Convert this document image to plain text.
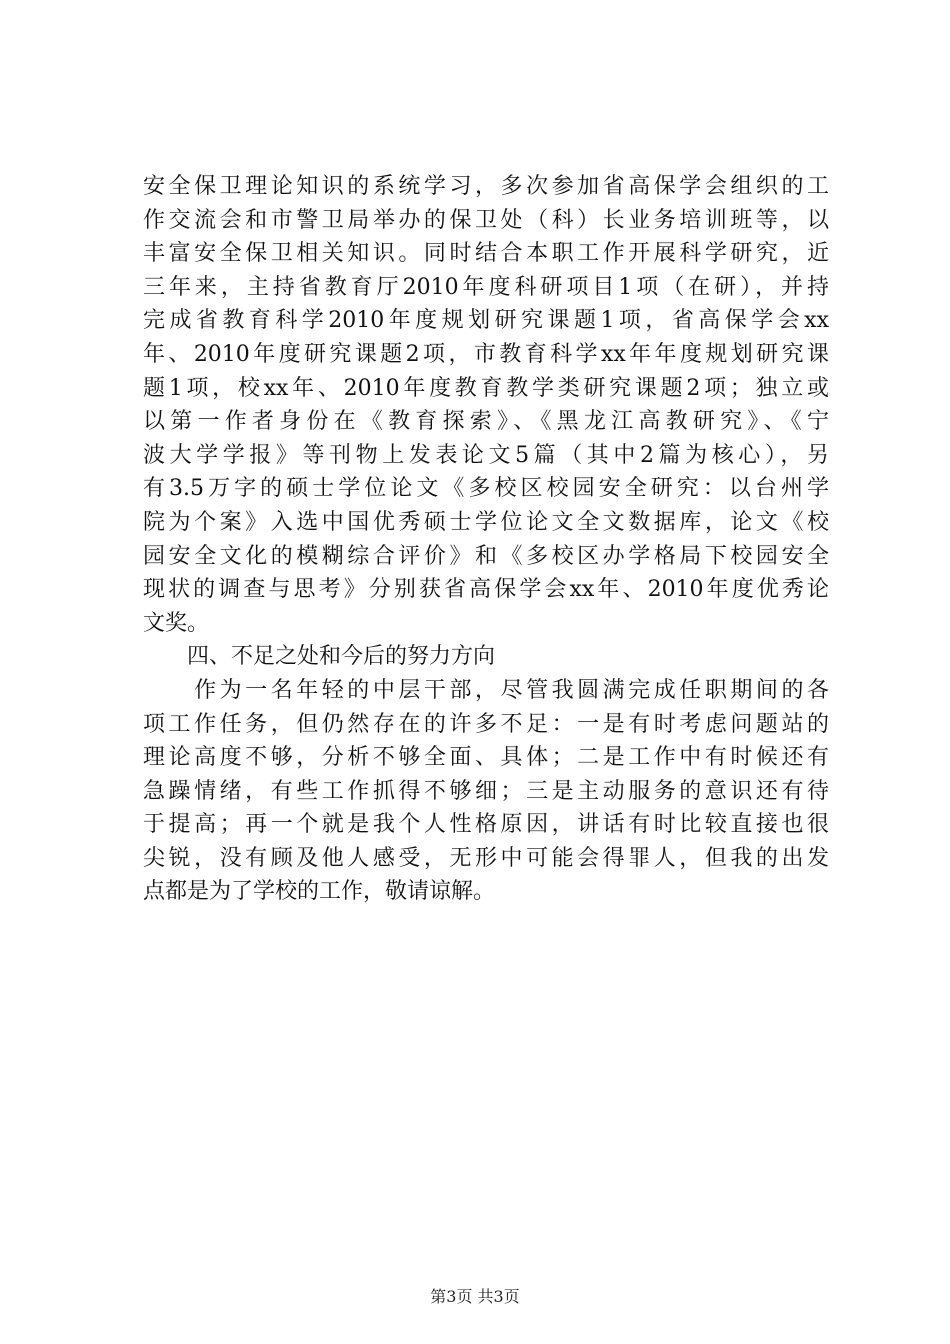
安全保卫理论知识的系统学习，多次参加省高保学会组织的工
作交流会和市警卫局举办的保卫处（科）长业务培训班等，以
丰富安全保卫相关知识。同时结合本职工作开展科学研究，近
三年来，主持省教育厅2010年度科研项目1项（在研），并持
完成省教育科学2010年度规划研究课题1项，省高保学会xx
年、2010年度研究课题2项，市教育科学xx年年度规划研究课
题1项，校xx年、2010年度教育教学类研究课题2项；独立或
以第一作者身份在《教育探索》、《黑龙江高教研究》、《宁
波大学学报》等刊物上发表论文5篇（其中2篇为核心），另
有3.5万字的硕士学位论文《多校区校园安全研究：以台州学
院为个案》入选中国优秀硕士学位论文全文数据库，论文《校
园安全文化的模糊综合评价》和《多校区办学格局下校园安全
现状的调查与思考》分别获省高保学会xx年、2010年度优秀论
文奖。
　　四、不足之处和今后的努力方向
　　作为一名年轻的中层干部，尽管我圆满完成任职期间的各
项工作任务，但仍然存在的许多不足：一是有时考虑问题站的
理论高度不够，分析不够全面、具体；二是工作中有时候还有
急躁情绪，有些工作抓得不够细；三是主动服务的意识还有待
于提高；再一个就是我个人性格原因，讲话有时比较直接也很
尖锐，没有顾及他人感受，无形中可能会得罪人，但我的出发
点都是为了学校的工作，敬请谅解。
第3页 共3页
